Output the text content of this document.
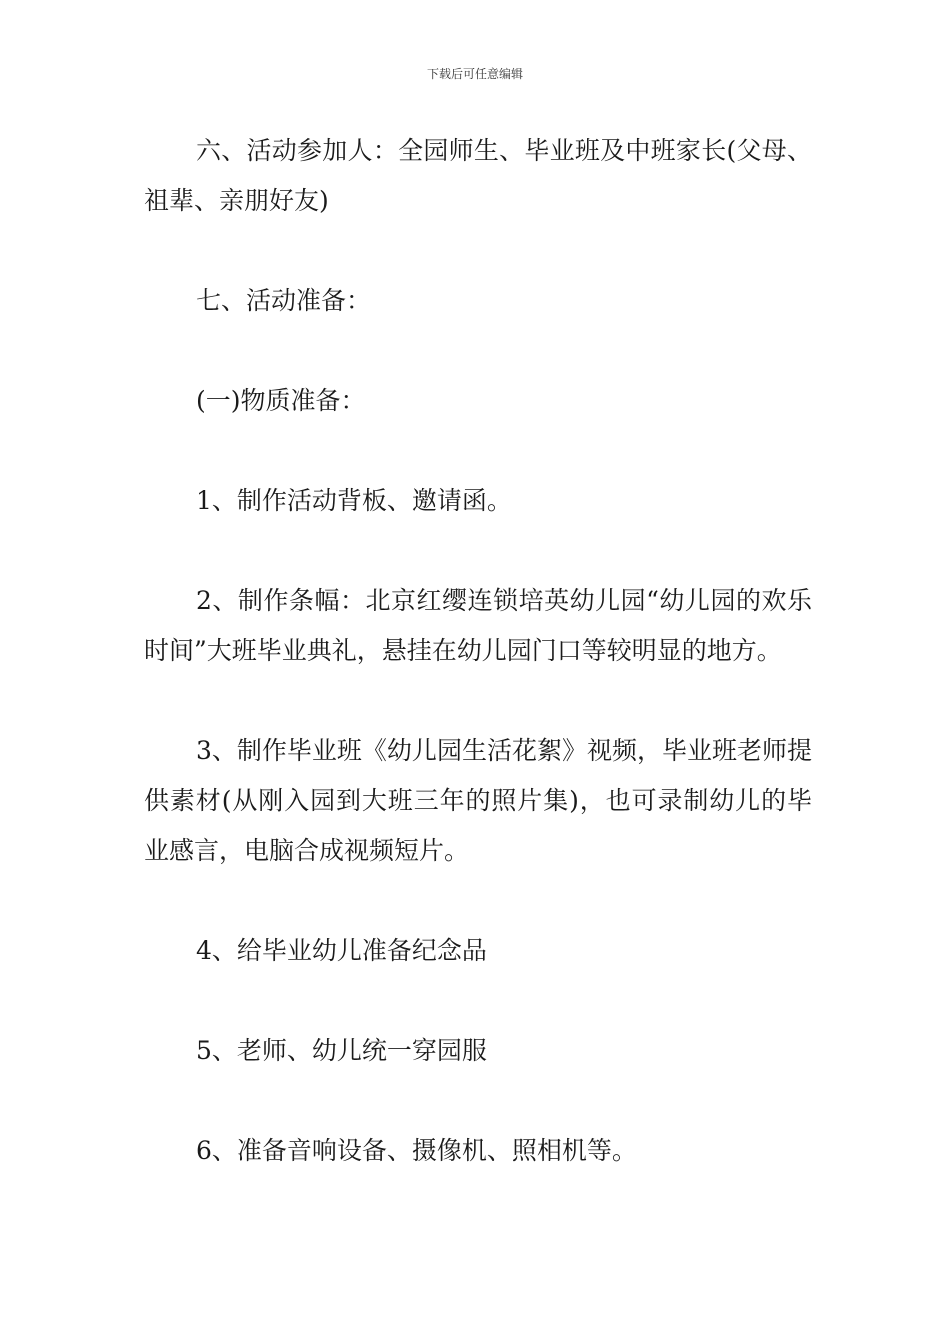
下载后可任意编辑

六、活动参加人：全园师生、毕业班及中班家长(父母、祖辈、亲朋好友)

七、活动准备：

(一)物质准备：

1、制作活动背板、邀请函。

2、制作条幅：北京红缨连锁培英幼儿园“幼儿园的欢乐时间”大班毕业典礼，悬挂在幼儿园门口等较明显的地方。

3、制作毕业班《幼儿园生活花絮》视频，毕业班老师提供素材(从刚入园到大班三年的照片集)，也可录制幼儿的毕业感言，电脑合成视频短片。

4、给毕业幼儿准备纪念品

5、老师、幼儿统一穿园服

6、准备音响设备、摄像机、照相机等。
